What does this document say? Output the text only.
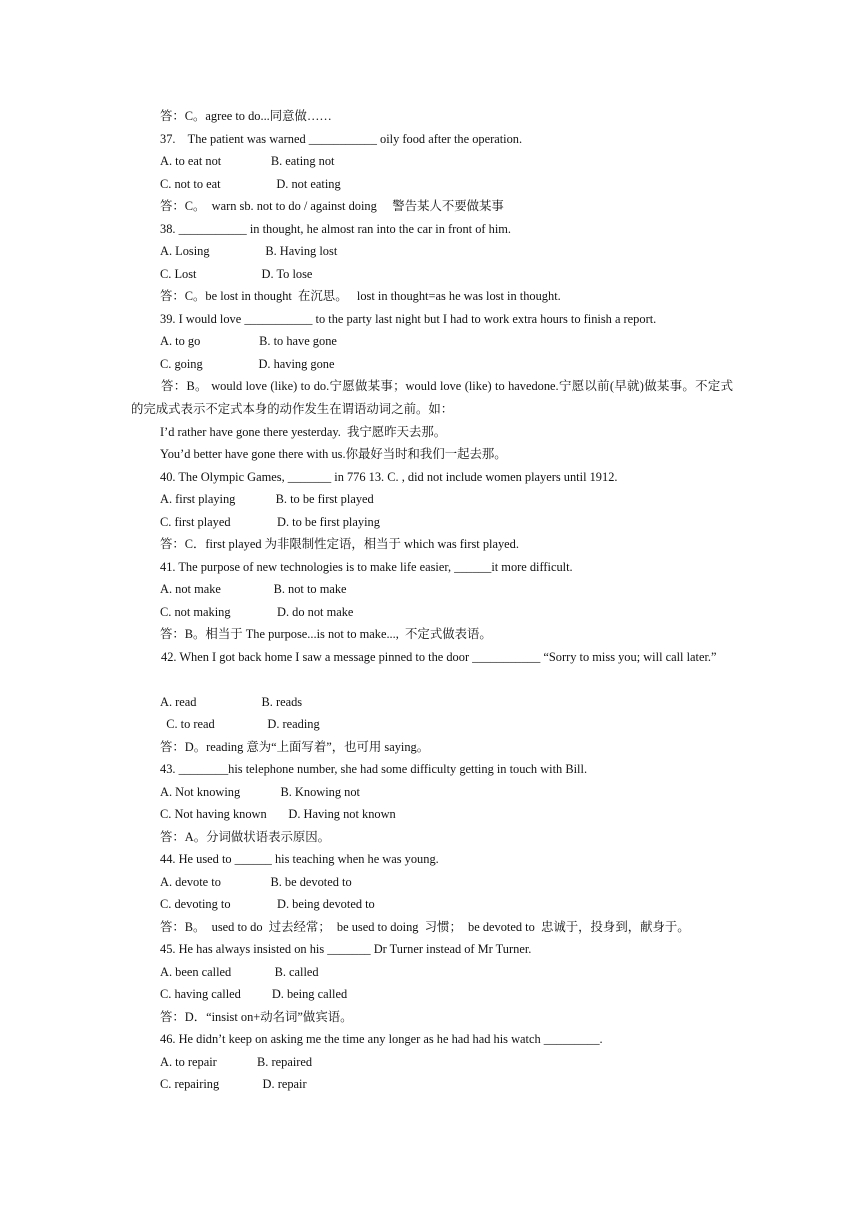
答：C。agree to do...同意做……
37.    The patient was warned ___________ oily food after the operation.
A. to eat not                B. eating not
C. not to eat                  D. not eating
答：C。  warn sb. not to do / against doing     警告某人不要做某事
38. ___________ in thought, he almost ran into the car in front of him.
A. Losing                  B. Having lost
C. Lost                     D. To lose
答：C。be lost in thought  在沉思。   lost in thought=as he was lost in thought.
39. I would love ___________ to the party last night but I had to work extra hours to finish a report.
A. to go                   B. to have gone
C. going                  D. having gone
答：B。 would love (like) to do.宁愿做某事；would love (like) to havedone.宁愿以前(早就)做某事。不定式的完成式表示不定式本身的动作发生在谓语动词之前。如：
I’d rather have gone there yesterday.  我宁愿昨天去那。
You’d better have gone there with us.你最好当时和我们一起去那。
40. The Olympic Games, _______ in 776 13. C. , did not include women players until 1912.
A. first playing             B. to be first played
C. first played               D. to be first playing
答：C．first played 为非限制性定语，相当于 which was first played.
41. The purpose of new technologies is to make life easier, ______it more difficult.
A. not make                 B. not to make
C. not making               D. do not make
答：B。相当于 The purpose...is not to make...,  不定式做表语。
42. When I got back home I saw a message pinned to the door ___________ “Sorry to miss you; will call later.”
A. read                     B. reads
C. to read                 D. reading
答：D。reading 意为“上面写着”，也可用 saying。
43. ________his telephone number, she had some difficulty getting in touch with Bill.
A. Not knowing             B. Knowing not
C. Not having known       D. Having not known
答：A。分词做状语表示原因。
44. He used to ______ his teaching when he was young.
A. devote to                B. be devoted to
C. devoting to               D. being devoted to
答：B。  used to do  过去经常；  be used to doing  习惯；  be devoted to  忠诚于，投身到，献身于。
45. He has always insisted on his _______ Dr Turner instead of Mr Turner.
A. been called              B. called
C. having called          D. being called
答：D．“insist on+动名词”做宾语。
46. He didn’t keep on asking me the time any longer as he had had his watch _________.
A. to repair             B. repaired
C. repairing              D. repair
